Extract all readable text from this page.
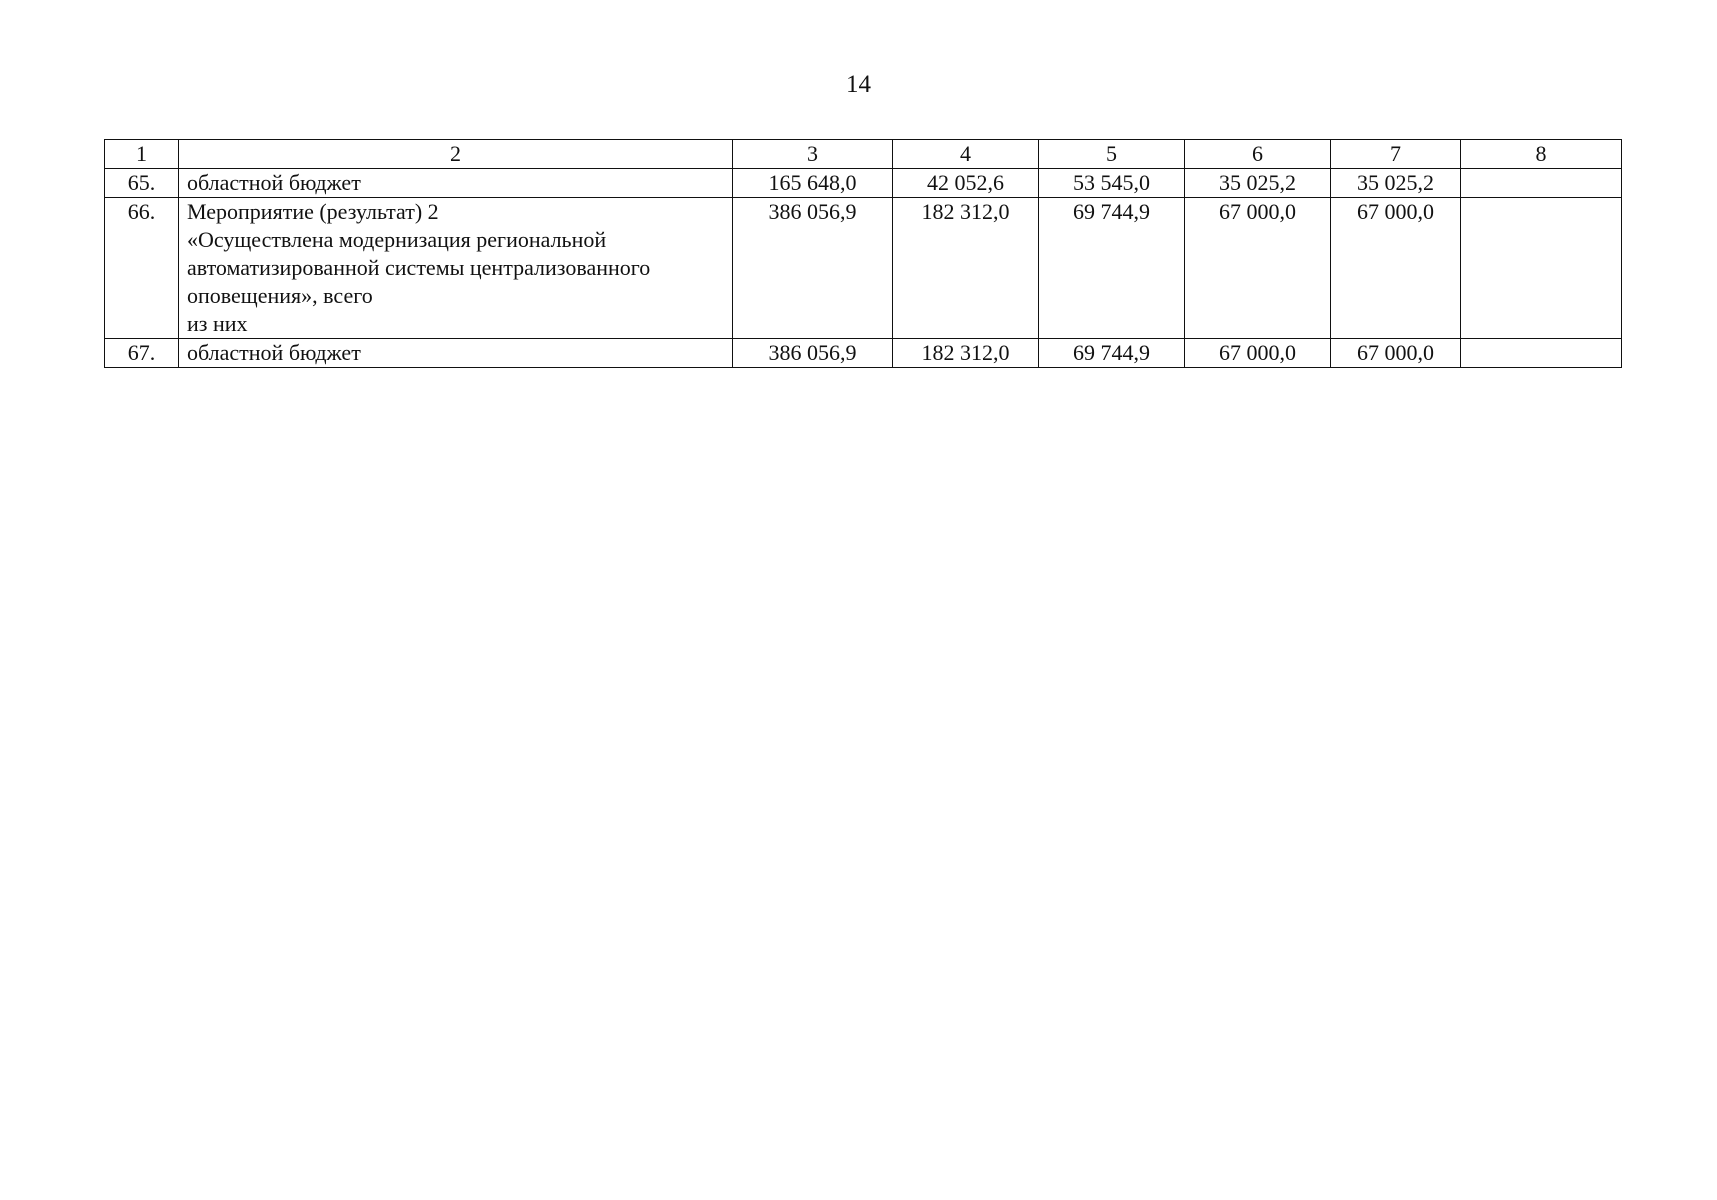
14
1	2	3	4	5	6	7	8
65.	областной бюджет	165 648,0	42 052,6	53 545,0	35 025,2	35 025,2	
66.	Мероприятие (результат) 2
«Осуществлена модернизация региональной
автоматизированной системы централизованного
оповещения», всего
из них	386 056,9	182 312,0	69 744,9	67 000,0	67 000,0	
67.	областной бюджет	386 056,9	182 312,0	69 744,9	67 000,0	67 000,0	
